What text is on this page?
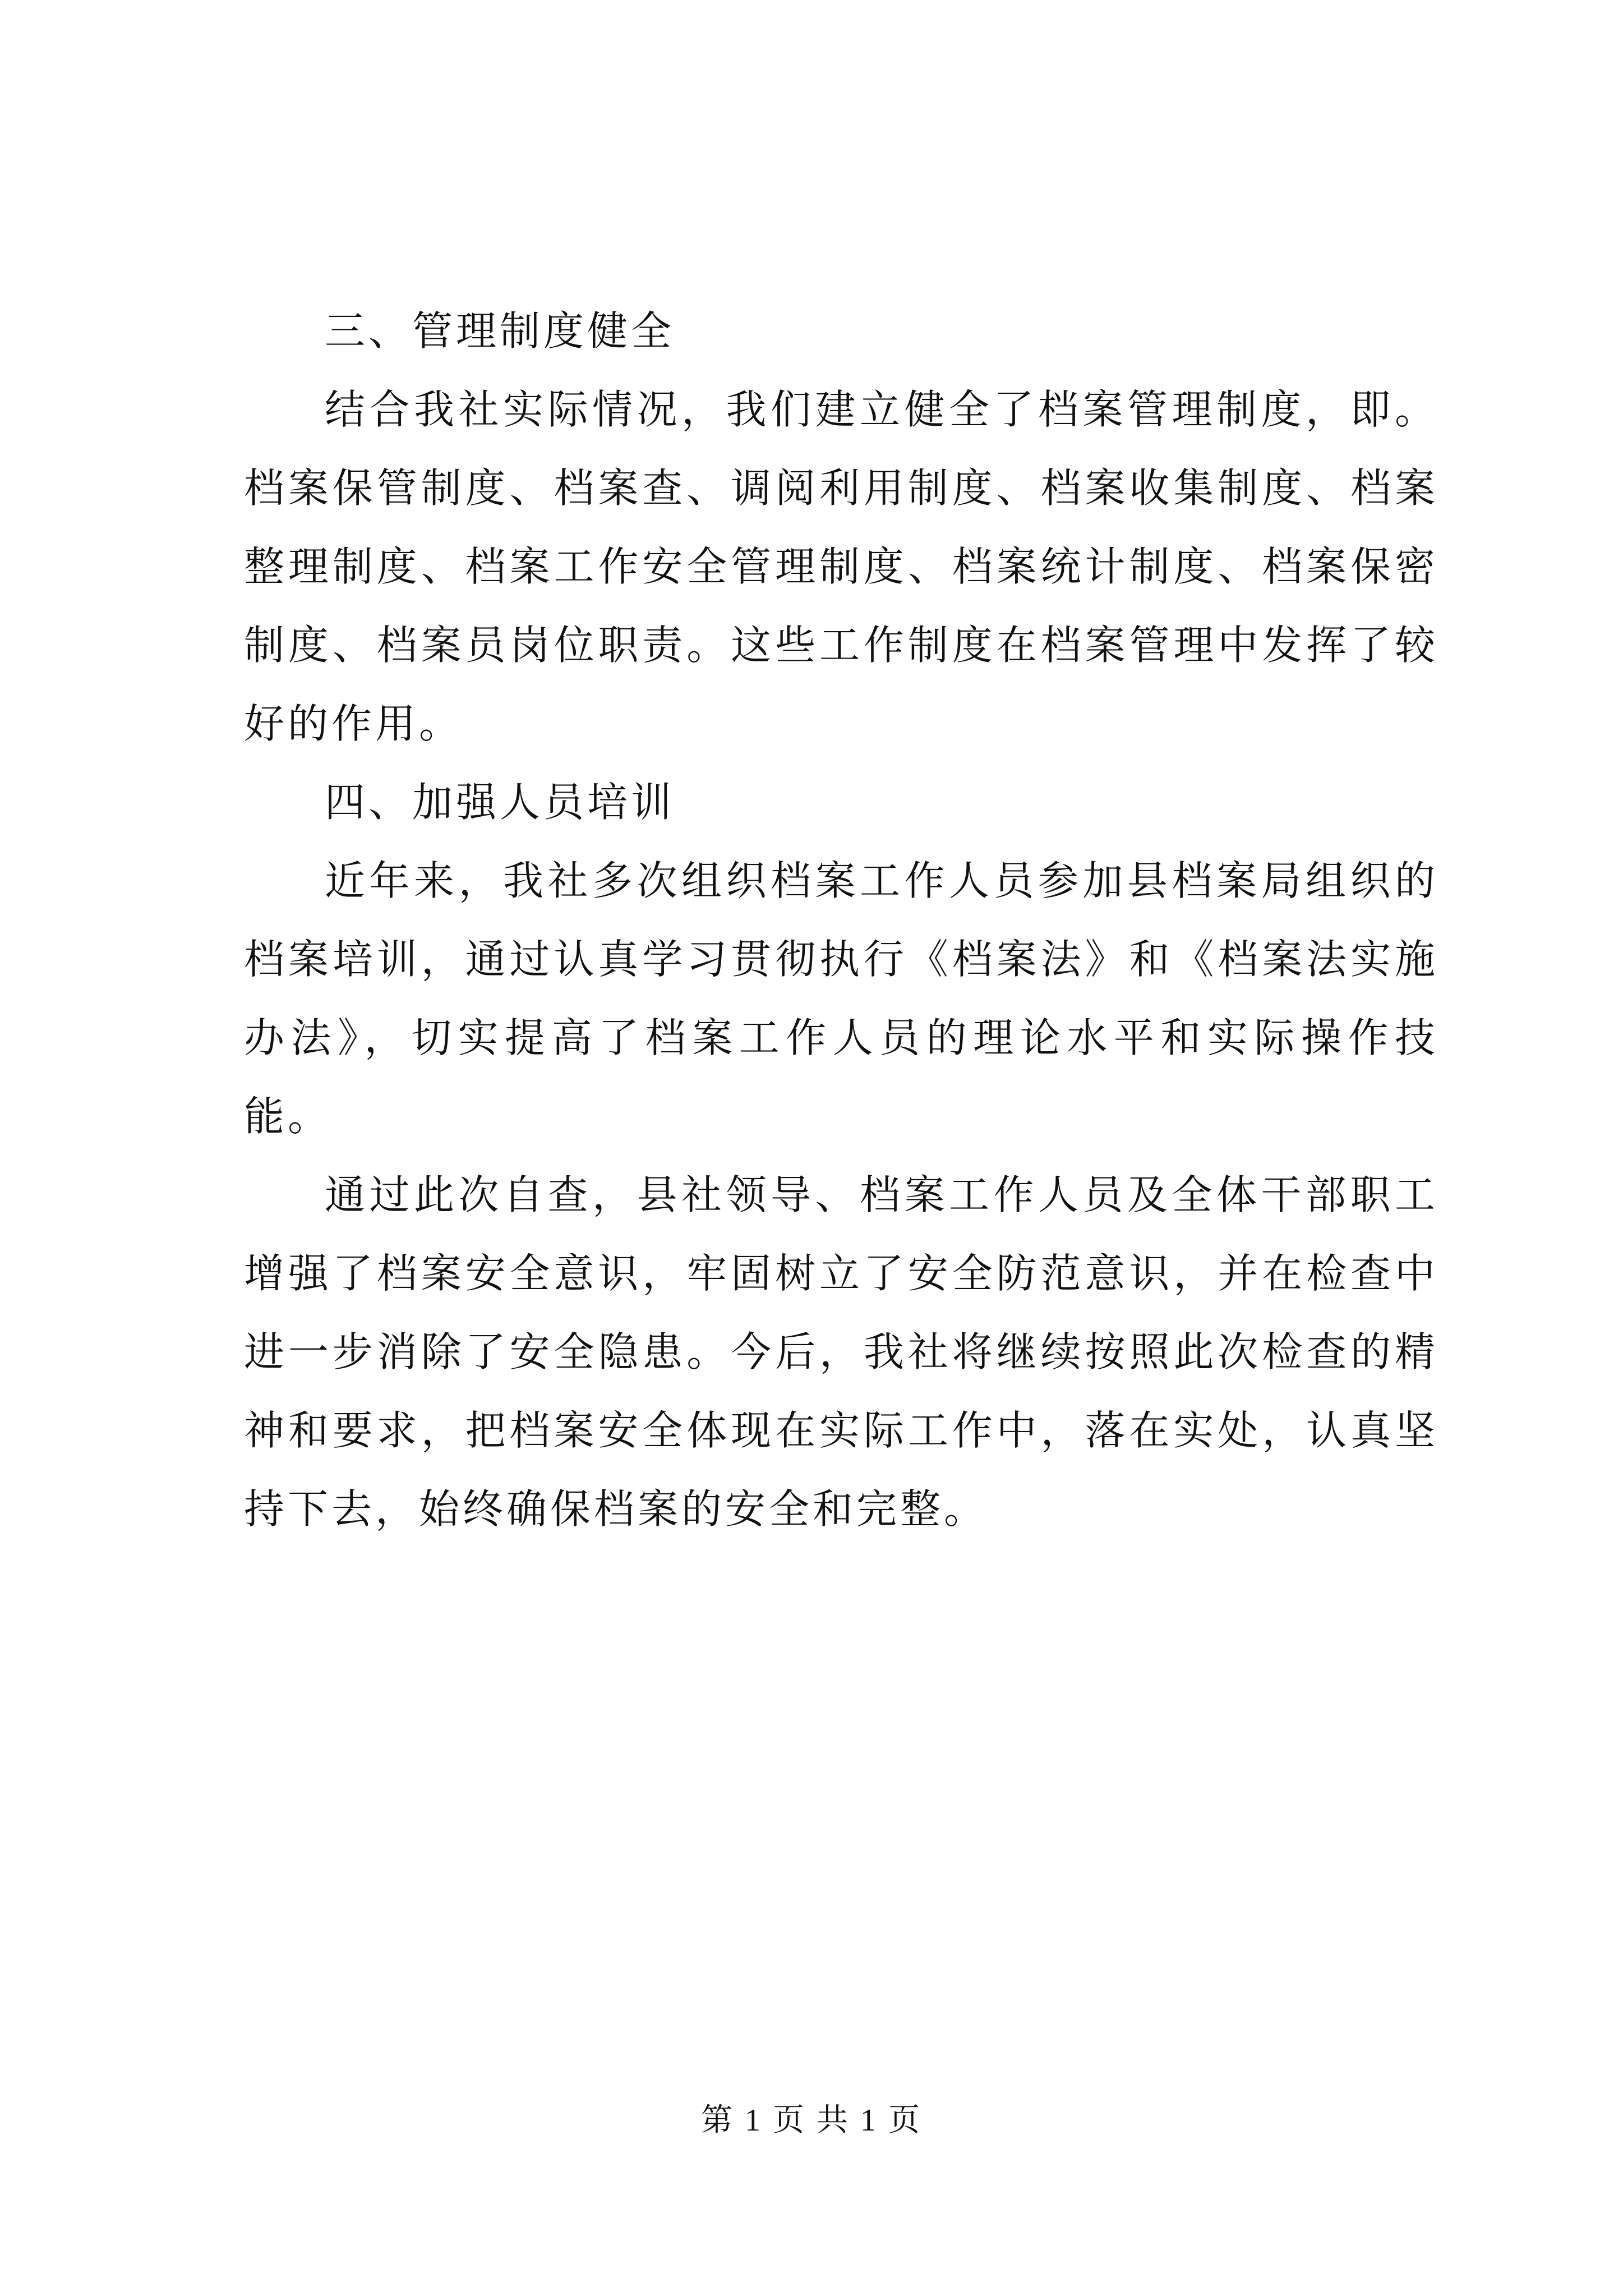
三、管理制度健全

结合我社实际情况，我们建立健全了档案管理制度，即。档案保管制度、档案查、调阅利用制度、档案收集制度、档案整理制度、档案工作安全管理制度、档案统计制度、档案保密制度、档案员岗位职责。这些工作制度在档案管理中发挥了较好的作用。

四、加强人员培训

近年来，我社多次组织档案工作人员参加县档案局组织的档案培训，通过认真学习贯彻执行《档案法》和《档案法实施办法》，切实提高了档案工作人员的理论水平和实际操作技能。

通过此次自查，县社领导、档案工作人员及全体干部职工增强了档案安全意识，牢固树立了安全防范意识，并在检查中进一步消除了安全隐患。今后，我社将继续按照此次检查的精神和要求，把档案安全体现在实际工作中，落在实处，认真坚持下去，始终确保档案的安全和完整。

第 1 页 共 1 页
